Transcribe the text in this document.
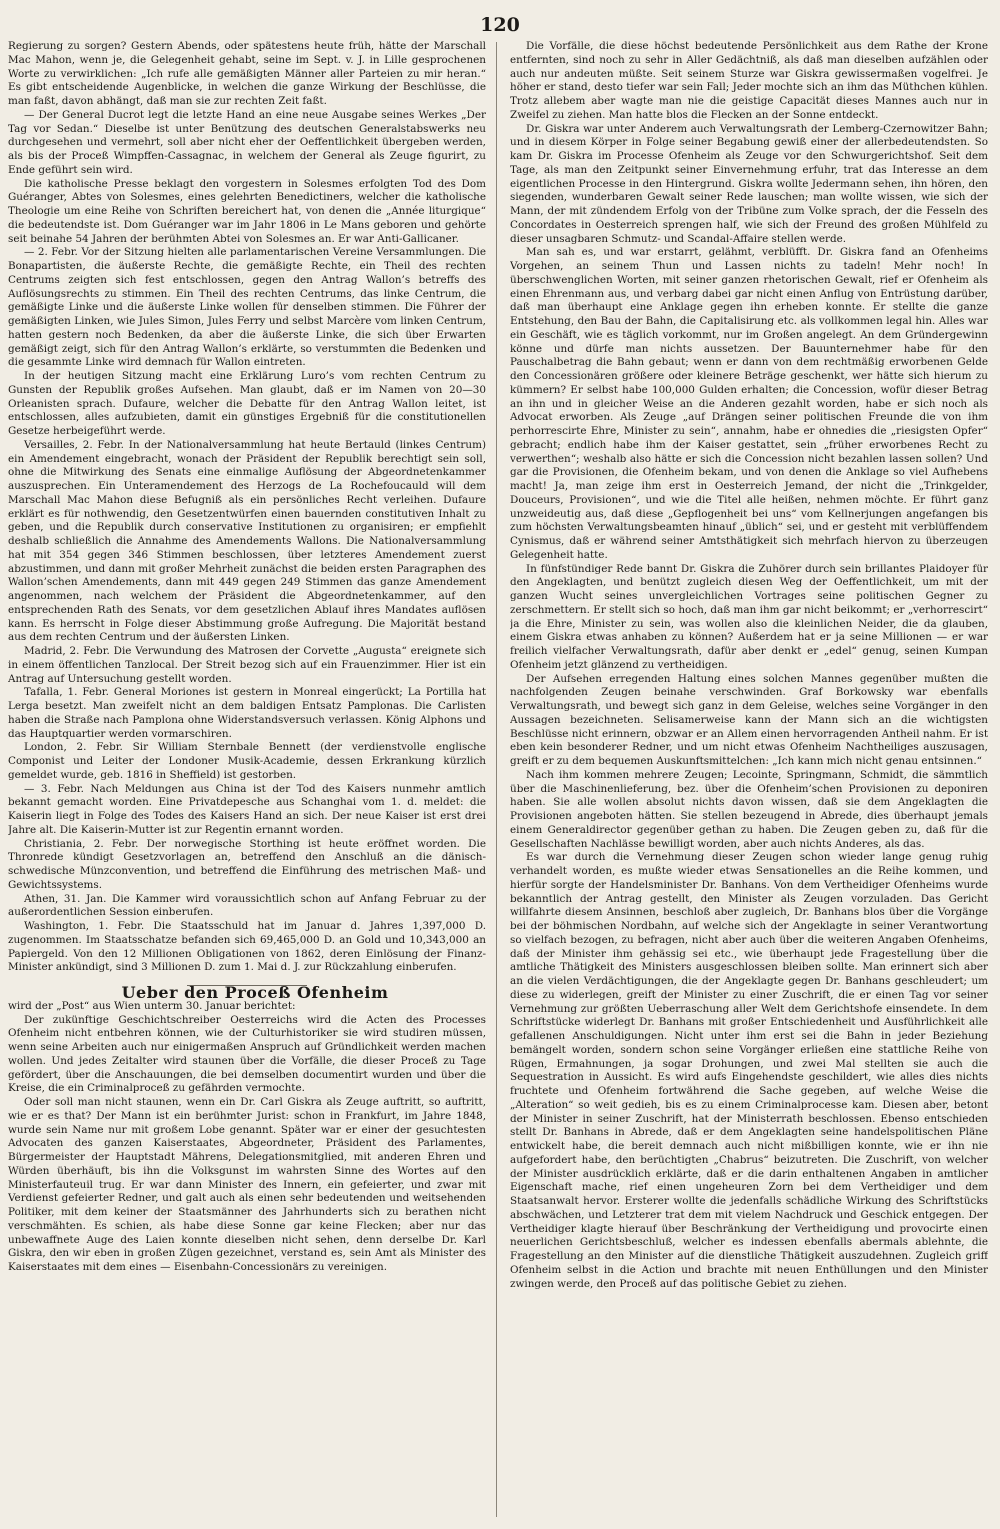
120

Regierung zu sorgen? Gestern Abends, oder spätestens heute früh, hätte der Marschall Mac Mahon, wenn je, die Gelegenheit gehabt, seine im Sept. v. J. in Lille gesprochenen Worte zu verwirklichen: „Ich rufe alle gemäßigten Männer aller Parteien zu mir heran.“ Es gibt entscheidende Augenblicke, in welchen die ganze Wirkung der Beschlüsse, die man faßt, davon abhängt, daß man sie zur rechten Zeit faßt.

— Der General Ducrot legt die letzte Hand an eine neue Ausgabe seines Werkes „Der Tag vor Sedan.“ Dieselbe ist unter Benützung des deutschen Generalstabswerks neu durchgesehen und vermehrt, soll aber nicht eher der Oeffentlichkeit übergeben werden, als bis der Proceß Wimpffen-Cassagnac, in welchem der General als Zeuge figurirt, zu Ende geführt sein wird.

Die katholische Presse beklagt den vorgestern in Solesmes erfolgten Tod des Dom Guéranger, Abtes von Solesmes, eines gelehrten Benedictiners, welcher die katholische Theologie um eine Reihe von Schriften bereichert hat, von denen die „Année liturgique“ die bedeutendste ist. Dom Guéranger war im Jahr 1806 in Le Mans geboren und gehörte seit beinahe 54 Jahren der berühmten Abtei von Solesmes an. Er war Anti-Gallicaner.

— 2. Febr. Vor der Sitzung hielten alle parlamentarischen Vereine Versammlungen. Die Bonapartisten, die äußerste Rechte, die gemäßigte Rechte, ein Theil des rechten Centrums zeigten sich fest entschlossen, gegen den Antrag Wallon’s betreffs des Auflösungsrechts zu stimmen. Ein Theil des rechten Centrums, das linke Centrum, die gemäßigte Linke und die äußerste Linke wollen für denselben stimmen. Die Führer der gemäßigten Linken, wie Jules Simon, Jules Ferry und selbst Marcère vom linken Centrum, hatten gestern noch Bedenken, da aber die äußerste Linke, die sich über Erwarten gemäßigt zeigt, sich für den Antrag Wallon’s erklärte, so verstummten die Bedenken und die gesammte Linke wird demnach für Wallon eintreten.

In der heutigen Sitzung macht eine Erklärung Luro’s vom rechten Centrum zu Gunsten der Republik großes Aufsehen. Man glaubt, daß er im Namen von 20—30 Orleanisten sprach. Dufaure, welcher die Debatte für den Antrag Wallon leitet, ist entschlossen, alles aufzubieten, damit ein günstiges Ergebniß für die constitutionellen Gesetze herbeigeführt werde.

Versailles, 2. Febr. In der Nationalversammlung hat heute Bertauld (linkes Centrum) ein Amendement eingebracht, wonach der Präsident der Republik berechtigt sein soll, ohne die Mitwirkung des Senats eine einmalige Auflösung der Abgeordnetenkammer auszusprechen. Ein Unteramendement des Herzogs de La Rochefoucauld will dem Marschall Mac Mahon diese Befugniß als ein persönliches Recht verleihen. Dufaure erklärt es für nothwendig, den Gesetzentwürfen einen bauernden constitutiven Inhalt zu geben, und die Republik durch conservative Institutionen zu organisiren; er empfiehlt deshalb schließlich die Annahme des Amendements Wallons. Die Nationalversammlung hat mit 354 gegen 346 Stimmen beschlossen, über letzteres Amendement zuerst abzustimmen, und dann mit großer Mehrheit zunächst die beiden ersten Paragraphen des Wallon’schen Amendements, dann mit 449 gegen 249 Stimmen das ganze Amendement angenommen, nach welchem der Präsident die Abgeordnetenkammer, auf den entsprechenden Rath des Senats, vor dem gesetzlichen Ablauf ihres Mandates auflösen kann. Es herrscht in Folge dieser Abstimmung große Aufregung. Die Majorität bestand aus dem rechten Centrum und der äußersten Linken.

Madrid, 2. Febr. Die Verwundung des Matrosen der Corvette „Augusta“ ereignete sich in einem öffentlichen Tanzlocal. Der Streit bezog sich auf ein Frauenzimmer. Hier ist ein Antrag auf Untersuchung gestellt worden.

Tafalla, 1. Febr. General Moriones ist gestern in Monreal eingerückt; La Portilla hat Lerga besetzt. Man zweifelt nicht an dem baldigen Entsatz Pamplonas. Die Carlisten haben die Straße nach Pamplona ohne Widerstandsversuch verlassen. König Alphons und das Hauptquartier werden vormarschiren.

London, 2. Febr. Sir William Sternbale Bennett (der verdienstvolle englische Componist und Leiter der Londoner Musik-Academie, dessen Erkrankung kürzlich gemeldet wurde, geb. 1816 in Sheffield) ist gestorben.

— 3. Febr. Nach Meldungen aus China ist der Tod des Kaisers nunmehr amtlich bekannt gemacht worden. Eine Privatdepesche aus Schanghai vom 1. d. meldet: die Kaiserin liegt in Folge des Todes des Kaisers Hand an sich. Der neue Kaiser ist erst drei Jahre alt. Die Kaiserin-Mutter ist zur Regentin ernannt worden.

Christiania, 2. Febr. Der norwegische Storthing ist heute eröffnet worden. Die Thronrede kündigt Gesetzvorlagen an, betreffend den Anschluß an die dänisch-schwedische Münzconvention, und betreffend die Einführung des metrischen Maß- und Gewichtssystems.

Athen, 31. Jan. Die Kammer wird voraussichtlich schon auf Anfang Februar zu der außerordentlichen Session einberufen.

Washington, 1. Febr. Die Staatsschuld hat im Januar d. Jahres 1,397,000 D. zugenommen. Im Staatsschatze befanden sich 69,465,000 D. an Gold und 10,343,000 an Papiergeld. Von den 12 Millionen Obligationen von 1862, deren Einlösung der Finanz-Minister ankündigt, sind 3 Millionen D. zum 1. Mai d. J. zur Rückzahlung einberufen.

Ueber den Proceß Ofenheim

wird der „Post“ aus Wien unterm 30. Januar berichtet:

Der zukünftige Geschichtschreiber Oesterreichs wird die Acten des Processes Ofenheim nicht entbehren können, wie der Culturhistoriker sie wird studiren müssen, wenn seine Arbeiten auch nur einigermaßen Anspruch auf Gründlichkeit werden machen wollen. Und jedes Zeitalter wird staunen über die Vorfälle, die dieser Proceß zu Tage gefördert, über die Anschauungen, die bei demselben documentirt wurden und über die Kreise, die ein Criminalproceß zu gefährden vermochte.

Oder soll man nicht staunen, wenn ein Dr. Carl Giskra als Zeuge auftritt, so auftritt, wie er es that? Der Mann ist ein berühmter Jurist: schon in Frankfurt, im Jahre 1848, wurde sein Name nur mit großem Lobe genannt. Später war er einer der gesuchtesten Advocaten des ganzen Kaiserstaates, Abgeordneter, Präsident des Parlamentes, Bürgermeister der Hauptstadt Mährens, Delegationsmitglied, mit anderen Ehren und Würden überhäuft, bis ihn die Volksgunst im wahrsten Sinne des Wortes auf den Ministerfauteuil trug. Er war dann Minister des Innern, ein gefeierter, und zwar mit Verdienst gefeierter Redner, und galt auch als einen sehr bedeutenden und weitsehenden Politiker, mit dem keiner der Staatsmänner des Jahrhunderts sich zu berathen nicht verschmähten. Es schien, als habe diese Sonne gar keine Flecken; aber nur das unbewaffnete Auge des Laien konnte dieselben nicht sehen, denn derselbe Dr. Karl Giskra, den wir eben in großen Zügen gezeichnet, verstand es, sein Amt als Minister des Kaiserstaates mit dem eines — Eisenbahn-Concessionärs zu vereinigen.

Die Vorfälle, die diese höchst bedeutende Persönlichkeit aus dem Rathe der Krone entfernten, sind noch zu sehr in Aller Gedächtniß, als daß man dieselben aufzählen oder auch nur andeuten müßte. Seit seinem Sturze war Giskra gewissermaßen vogelfrei. Je höher er stand, desto tiefer war sein Fall; Jeder mochte sich an ihm das Müthchen kühlen. Trotz allebem aber wagte man nie die geistige Capacität dieses Mannes auch nur in Zweifel zu ziehen. Man hatte blos die Flecken an der Sonne entdeckt.

Dr. Giskra war unter Anderem auch Verwaltungsrath der Lemberg-Czernowitzer Bahn; und in diesem Körper in Folge seiner Begabung gewiß einer der allerbedeutendsten. So kam Dr. Giskra im Processe Ofenheim als Zeuge vor den Schwurgerichtshof. Seit dem Tage, als man den Zeitpunkt seiner Einvernehmung erfuhr, trat das Interesse an dem eigentlichen Processe in den Hintergrund. Giskra wollte Jedermann sehen, ihn hören, den siegenden, wunderbaren Gewalt seiner Rede lauschen; man wollte wissen, wie sich der Mann, der mit zündendem Erfolg von der Tribüne zum Volke sprach, der die Fesseln des Concordates in Oesterreich sprengen half, wie sich der Freund des großen Mühlfeld zu dieser unsagbaren Schmutz- und Scandal-Affaire stellen werde.

Man sah es, und war erstarrt, gelähmt, verblüfft. Dr. Giskra fand an Ofenheims Vorgehen, an seinem Thun und Lassen nichts zu tadeln! Mehr noch! In überschwenglichen Worten, mit seiner ganzen rhetorischen Gewalt, rief er Ofenheim als einen Ehrenmann aus, und verbarg dabei gar nicht einen Anflug von Entrüstung darüber, daß man überhaupt eine Anklage gegen ihn erheben konnte. Er stellte die ganze Entstehung, den Bau der Bahn, die Capitalisirung etc. als vollkommen legal hin. Alles war ein Geschäft, wie es täglich vorkommt, nur im Großen angelegt. An dem Gründergewinn könne und dürfe man nichts aussetzen. Der Bauunternehmer habe für den Pauschalbetrag die Bahn gebaut; wenn er dann von dem rechtmäßig erworbenen Gelde den Concessionären größere oder kleinere Beträge geschenkt, wer hätte sich hierum zu kümmern? Er selbst habe 100,000 Gulden erhalten; die Concession, wofür dieser Betrag an ihn und in gleicher Weise an die Anderen gezahlt worden, habe er sich noch als Advocat erworben. Als Zeuge „auf Drängen seiner politischen Freunde die von ihm perhorrescirte Ehre, Minister zu sein“, annahm, habe er ohnedies die „riesigsten Opfer“ gebracht; endlich habe ihm der Kaiser gestattet, sein „früher erworbenes Recht zu verwerthen“; weshalb also hätte er sich die Concession nicht bezahlen lassen sollen? Und gar die Provisionen, die Ofenheim bekam, und von denen die Anklage so viel Aufhebens macht! Ja, man zeige ihm erst in Oesterreich Jemand, der nicht die „Trinkgelder, Douceurs, Provisionen“, und wie die Titel alle heißen, nehmen möchte. Er führt ganz unzweideutig aus, daß diese „Gepflogenheit bei uns“ vom Kellnerjungen angefangen bis zum höchsten Verwaltungsbeamten hinauf „üblich“ sei, und er gesteht mit verblüffendem Cynismus, daß er während seiner Amtsthätigkeit sich mehrfach hiervon zu überzeugen Gelegenheit hatte.

In fünfstündiger Rede bannt Dr. Giskra die Zuhörer durch sein brillantes Plaidoyer für den Angeklagten, und benützt zugleich diesen Weg der Oeffentlichkeit, um mit der ganzen Wucht seines unvergleichlichen Vortrages seine politischen Gegner zu zerschmettern. Er stellt sich so hoch, daß man ihm gar nicht beikommt; er „verhorrescirt“ ja die Ehre, Minister zu sein, was wollen also die kleinlichen Neider, die da glauben, einem Giskra etwas anhaben zu können? Außerdem hat er ja seine Millionen — er war freilich vielfacher Verwaltungsrath, dafür aber denkt er „edel“ genug, seinen Kumpan Ofenheim jetzt glänzend zu vertheidigen.

Der Aufsehen erregenden Haltung eines solchen Mannes gegenüber mußten die nachfolgenden Zeugen beinahe verschwinden. Graf Borkowsky war ebenfalls Verwaltungsrath, und bewegt sich ganz in dem Geleise, welches seine Vorgänger in den Aussagen bezeichneten. Selisamerweise kann der Mann sich an die wichtigsten Beschlüsse nicht erinnern, obzwar er an Allem einen hervorragenden Antheil nahm. Er ist eben kein besonderer Redner, und um nicht etwas Ofenheim Nachtheiliges auszusagen, greift er zu dem bequemen Auskunftsmittelchen: „Ich kann mich nicht genau entsinnen.“

Nach ihm kommen mehrere Zeugen; Lecointe, Springmann, Schmidt, die sämmtlich über die Maschinenlieferung, bez. über die Ofenheim’schen Provisionen zu deponiren haben. Sie alle wollen absolut nichts davon wissen, daß sie dem Angeklagten die Provisionen angeboten hätten. Sie stellen bezeugend in Abrede, dies überhaupt jemals einem Generaldirector gegenüber gethan zu haben. Die Zeugen geben zu, daß für die Gesellschaften Nachlässe bewilligt worden, aber auch nichts Anderes, als das.

Es war durch die Vernehmung dieser Zeugen schon wieder lange genug ruhig verhandelt worden, es mußte wieder etwas Sensationelles an die Reihe kommen, und hierfür sorgte der Handelsminister Dr. Banhans. Von dem Vertheidiger Ofenheims wurde bekanntlich der Antrag gestellt, den Minister als Zeugen vorzuladen. Das Gericht willfahrte diesem Ansinnen, beschloß aber zugleich, Dr. Banhans blos über die Vorgänge bei der böhmischen Nordbahn, auf welche sich der Angeklagte in seiner Verantwortung so vielfach bezogen, zu befragen, nicht aber auch über die weiteren Angaben Ofenheims, daß der Minister ihm gehässig sei etc., wie überhaupt jede Fragestellung über die amtliche Thätigkeit des Ministers ausgeschlossen bleiben sollte. Man erinnert sich aber an die vielen Verdächtigungen, die der Angeklagte gegen Dr. Banhans geschleudert; um diese zu widerlegen, greift der Minister zu einer Zuschrift, die er einen Tag vor seiner Vernehmung zur größten Ueberraschung aller Welt dem Gerichtshofe einsendete. In dem Schriftstücke widerlegt Dr. Banhans mit großer Entschiedenheit und Ausführlichkeit alle gefallenen Anschuldigungen. Nicht unter ihm erst sei die Bahn in jeder Beziehung bemängelt worden, sondern schon seine Vorgänger erließen eine stattliche Reihe von Rügen, Ermahnungen, ja sogar Drohungen, und zwei Mal stellten sie auch die Sequestration in Aussicht. Es wird aufs Eingehendste geschildert, wie alles dies nichts fruchtete und Ofenheim fortwährend die Sache gegeben, auf welche Weise die „Alteration“ so weit gedieh, bis es zu einem Criminalprocesse kam. Diesen aber, betont der Minister in seiner Zuschrift, hat der Ministerrath beschlossen. Ebenso entschieden stellt Dr. Banhans in Abrede, daß er dem Angeklagten seine handelspolitischen Pläne entwickelt habe, die bereit demnach auch nicht mißbilligen konnte, wie er ihn nie aufgefordert habe, den berüchtigten „Chabrus“ beizutreten. Die Zuschrift, von welcher der Minister ausdrücklich erklärte, daß er die darin enthaltenen Angaben in amtlicher Eigenschaft mache, rief einen ungeheuren Zorn bei dem Vertheidiger und dem Staatsanwalt hervor. Ersterer wollte die jedenfalls schädliche Wirkung des Schriftstücks abschwächen, und Letzterer trat dem mit vielem Nachdruck und Geschick entgegen. Der Vertheidiger klagte hierauf über Beschränkung der Vertheidigung und provocirte einen neuerlichen Gerichtsbeschluß, welcher es indessen ebenfalls abermals ablehnte, die Fragestellung an den Minister auf die dienstliche Thätigkeit auszudehnen. Zugleich griff Ofenheim selbst in die Action und brachte mit neuen Enthüllungen und den Minister zwingen werde, den Proceß auf das politische Gebiet zu ziehen.
